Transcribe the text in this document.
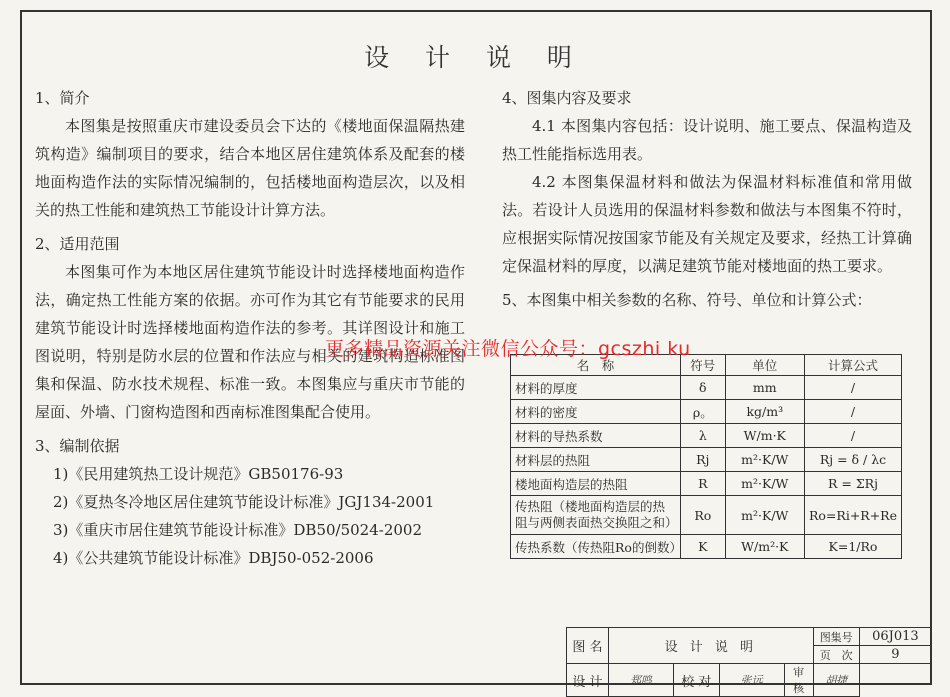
设 计 说 明

1、简介

本图集是按照重庆市建设委员会下达的《楼地面保温隔热建筑构造》编制项目的要求，结合本地区居住建筑体系及配套的楼地面构造作法的实际情况编制的，包括楼地面构造层次，以及相关的热工性能和建筑热工节能设计计算方法。

2、适用范围

本图集可作为本地区居住建筑节能设计时选择楼地面构造作法，确定热工性能方案的依据。亦可作为其它有节能要求的民用建筑节能设计时选择楼地面构造作法的参考。其详图设计和施工图说明，特别是防水层的位置和作法应与相关的建筑构造标准图集和保温、防水技术规程、标准一致。本图集应与重庆市节能的屋面、外墙、门窗构造图和西南标准图集配合使用。

3、编制依据

1)《民用建筑热工设计规范》GB50176-93

2)《夏热冬冷地区居住建筑节能设计标准》JGJ134-2001

3)《重庆市居住建筑节能设计标准》DB50/5024-2002

4)《公共建筑节能设计标准》DBJ50-052-2006

4、图集内容及要求

4.1 本图集内容包括：设计说明、施工要点、保温构造及热工性能指标选用表。

4.2 本图集保温材料和做法为保温材料标准值和常用做法。若设计人员选用的保温材料参数和做法与本图集不符时，应根据实际情况按国家节能及有关规定及要求，经热工计算确定保温材料的厚度，以满足建筑节能对楼地面的热工要求。

5、本图集中相关参数的名称、符号、单位和计算公式：

名　称	符号	单位	计算公式
材料的厚度	δ	mm	/
材料的密度	ρ。	kg/m³	/
材料的导热系数	λ	W/m·K	/
材料层的热阻	Rj	m²·K/W	Rj = δ / λc
楼地面构造层的热阻	R	m²·K/W	R = ΣRj
传热阻（楼地面构造层的热阻与两侧表面热交换阻之和）	Ro	m²·K/W	Ro=Ri+R+Re
传热系数（传热阻Ro的倒数）	K	W/m²·K	K=1/Ro
更多精品资源关注微信公众号：gcszhi ku
图 名	设 计 说 明				图集号	06J013
					页　次	9
设 计	郑鸣	校 对	张远	审　核	胡捷	
